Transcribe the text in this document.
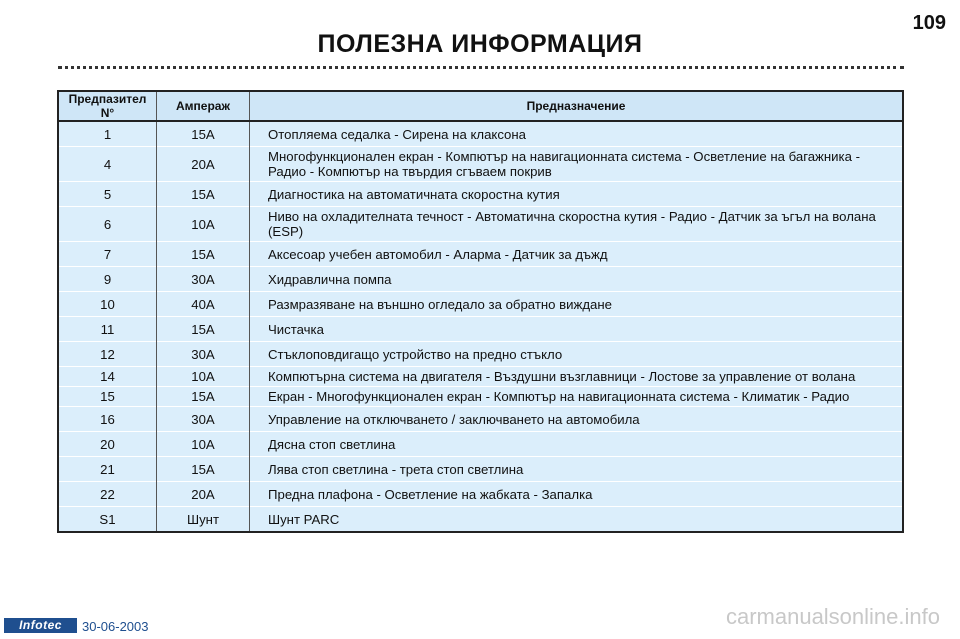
109
ПОЛЕЗНА ИНФОРМАЦИЯ
Предпазител N°	Ампераж	Предназначение
1	15A	Отопляема седалка - Сирена на клаксона
4	20A	Многофункционален екран - Компютър на навигационната система - Осветление на багажника - Радио - Компютър на твърдия сгъваем покрив
5	15A	Диагностика на автоматичната скоростна кутия
6	10A	Ниво на охладителната течност - Автоматична скоростна кутия - Радио - Датчик за ъгъл на волана (ESP)
7	15A	Аксесоар учебен автомобил - Аларма - Датчик за дъжд
9	30A	Хидравлична помпа
10	40A	Размразяване на външно огледало за обратно виждане
11	15A	Чистачка
12	30A	Стъклоповдигащо устройство на предно стъкло
14	10A	Компютърна система на двигателя - Въздушни възглавници - Лостове за управление от волана
15	15A	Екран - Многофункционален екран - Компютър на навигационната система - Климатик - Радио
16	30A	Управление на отключването / заключването на автомобила
20	10A	Дясна стоп светлина
21	15A	Лява стоп светлина - трета стоп светлина
22	20A	Предна плафона - Осветление на жабката - Запалка
S1	Шунт	Шунт PARC
Infotec	30-06-2003	carmanualsonline.info
